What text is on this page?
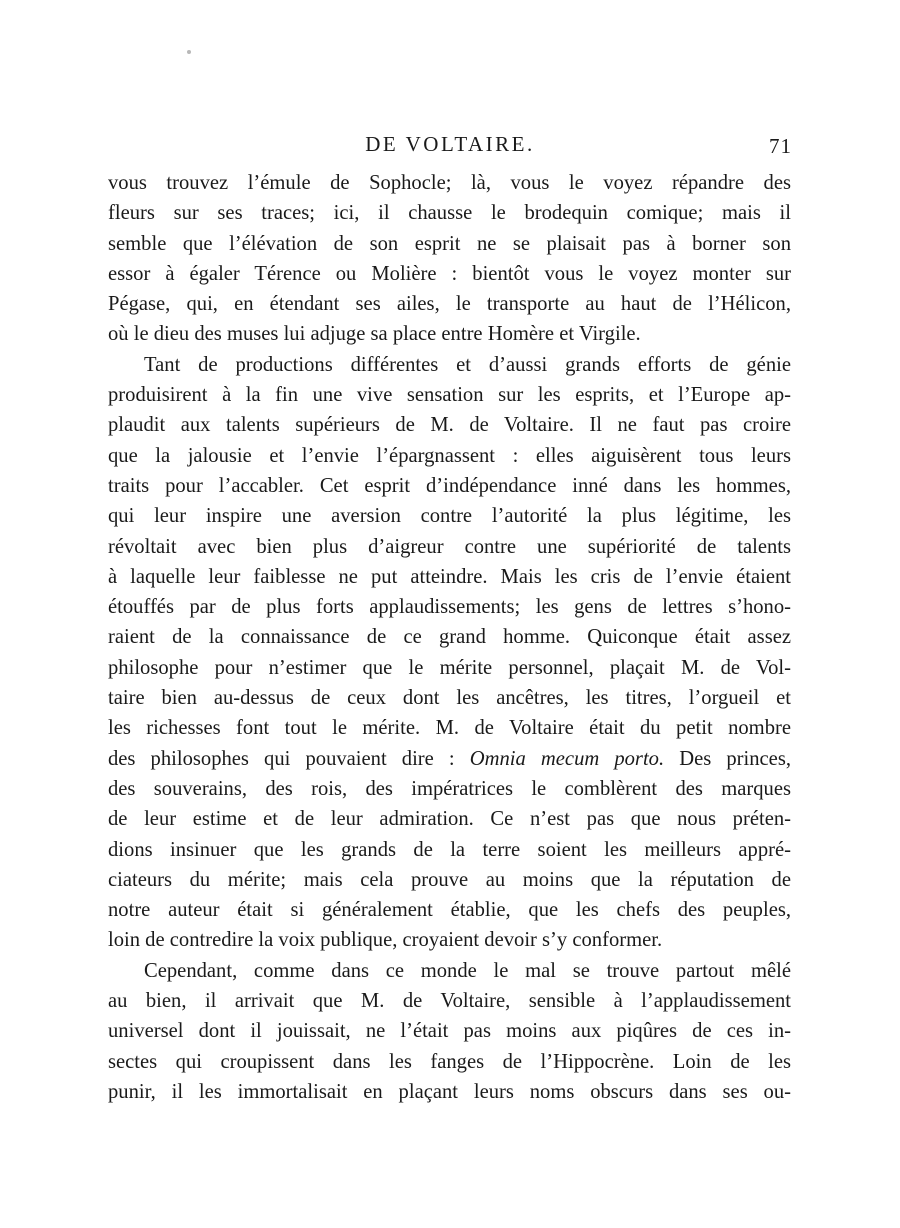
DE VOLTAIRE.	71
vous trouvez l’émule de Sophocle; là, vous le voyez répandre des
fleurs sur ses traces; ici, il chausse le brodequin comique; mais il
semble que l’élévation de son esprit ne se plaisait pas à borner son
essor à égaler Térence ou Molière : bientôt vous le voyez monter sur
Pégase, qui, en étendant ses ailes, le transporte au haut de l’Hélicon,
où le dieu des muses lui adjuge sa place entre Homère et Virgile.
Tant de productions différentes et d’aussi grands efforts de génie
produisirent à la fin une vive sensation sur les esprits, et l’Europe ap-
plaudit aux talents supérieurs de M. de Voltaire. Il ne faut pas croire
que la jalousie et l’envie l’épargnassent : elles aiguisèrent tous leurs
traits pour l’accabler. Cet esprit d’indépendance inné dans les hommes,
qui leur inspire une aversion contre l’autorité la plus légitime, les
révoltait avec bien plus d’aigreur contre une supériorité de talents
à laquelle leur faiblesse ne put atteindre. Mais les cris de l’envie étaient
étouffés par de plus forts applaudissements; les gens de lettres s’hono-
raient de la connaissance de ce grand homme. Quiconque était assez
philosophe pour n’estimer que le mérite personnel, plaçait M. de Vol-
taire bien au-dessus de ceux dont les ancêtres, les titres, l’orgueil et
les richesses font tout le mérite. M. de Voltaire était du petit nombre
des philosophes qui pouvaient dire : Omnia mecum porto. Des princes,
des souverains, des rois, des impératrices le comblèrent des marques
de leur estime et de leur admiration. Ce n’est pas que nous préten-
dions insinuer que les grands de la terre soient les meilleurs appré-
ciateurs du mérite; mais cela prouve au moins que la réputation de
notre auteur était si généralement établie, que les chefs des peuples,
loin de contredire la voix publique, croyaient devoir s’y conformer.
Cependant, comme dans ce monde le mal se trouve partout mêlé
au bien, il arrivait que M. de Voltaire, sensible à l’applaudissement
universel dont il jouissait, ne l’était pas moins aux piqûres de ces in-
sectes qui croupissent dans les fanges de l’Hippocrène. Loin de les
punir, il les immortalisait en plaçant leurs noms obscurs dans ses ou-
